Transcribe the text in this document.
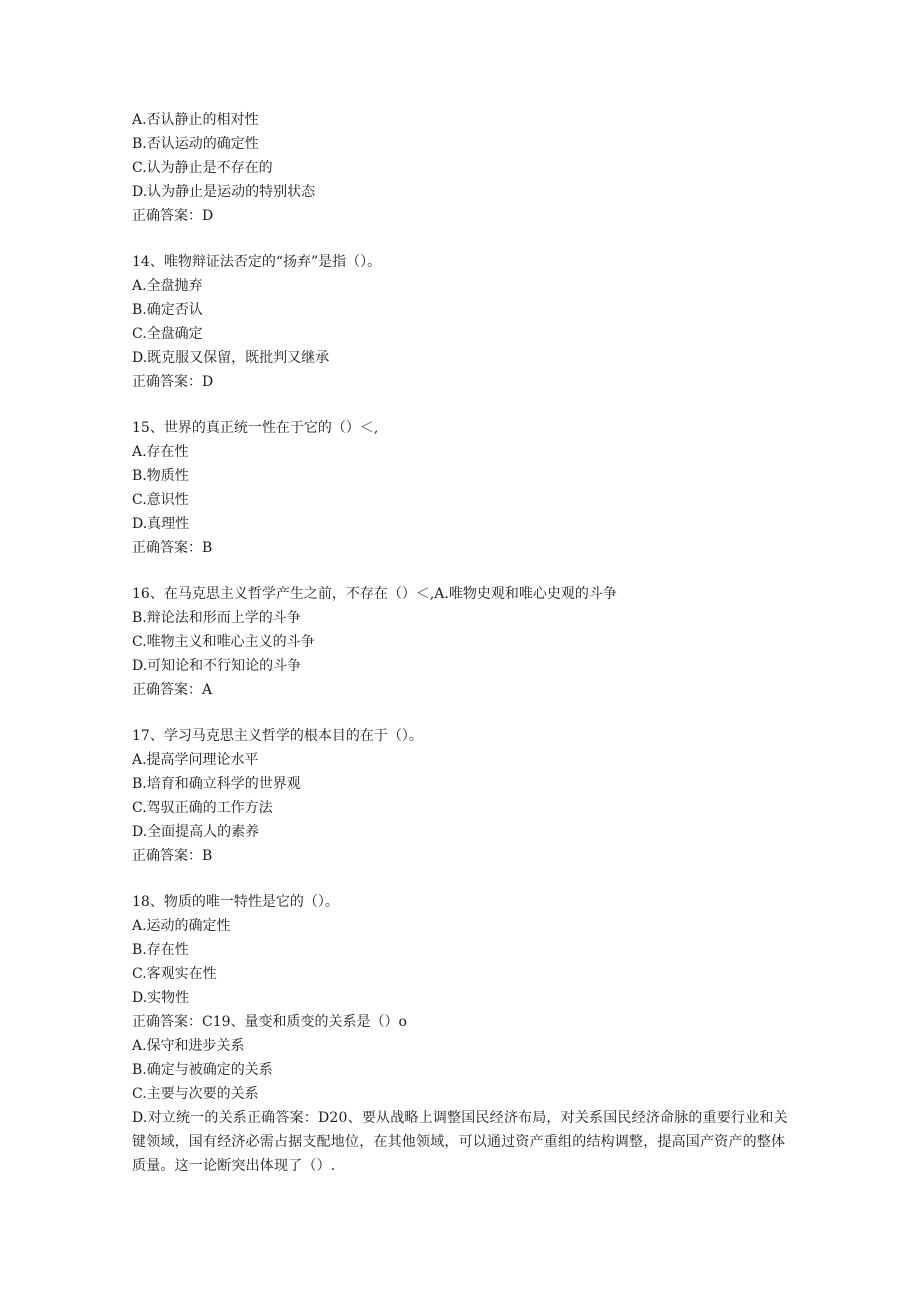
A.否认静止的相对性
B.否认运动的确定性
C.认为静止是不存在的
D.认为静止是运动的特别状态
正确答案：D
14、唯物辩证法否定的“扬弃”是指（）。
A.全盘抛弃
B.确定否认
C.全盘确定
D.既克服又保留，既批判又继承
正确答案：D
15、世界的真正统一性在于它的（）＜,
A.存在性
B.物质性
C.意识性
D.真理性
正确答案：B
16、在马克思主义哲学产生之前，不存在（）＜,A.唯物史观和唯心史观的斗争
B.辩论法和形而上学的斗争
C.唯物主义和唯心主义的斗争
D.可知论和不行知论的斗争
正确答案：A
17、学习马克思主义哲学的根本目的在于（）。
A.提高学问理论水平
B.培育和确立科学的世界观
C.驾驭正确的工作方法
D.全面提高人的素养
正确答案：B
18、物质的唯一特性是它的（）。
A.运动的确定性
B.存在性
C.客观实在性
D.实物性
正确答案：C19、量变和质变的关系是（）o
A.保守和进步关系
B.确定与被确定的关系
C.主要与次要的关系
D.对立统一的关系正确答案：D20、要从战略上调整国民经济布局，对关系国民经济命脉的重要行业和关键领域，国有经济必需占据支配地位，在其他领域，可以通过资产重组的结构调整，提高国产资产的整体质量。这一论断突出体现了（）.
